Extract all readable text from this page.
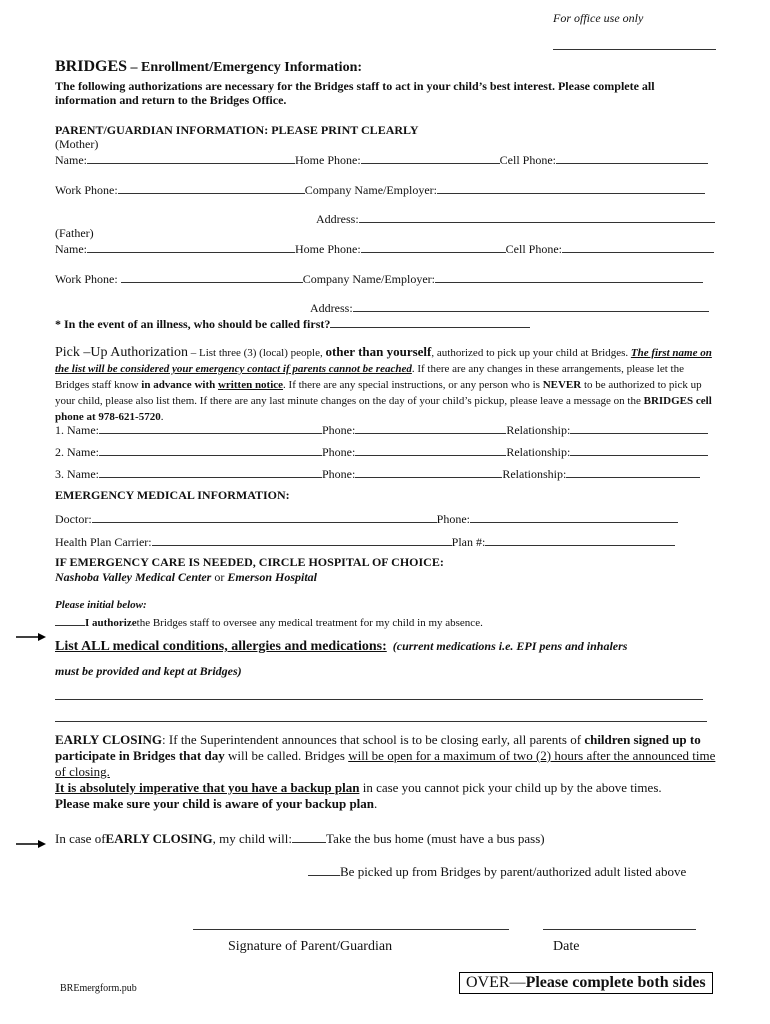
For office use only
BRIDGES – Enrollment/Emergency Information:
The following authorizations are necessary for the Bridges staff to act in your child’s best interest. Please complete all information and return to the Bridges Office.
PARENT/GUARDIAN INFORMATION: PLEASE PRINT CLEARLY
(Mother)
Name:	Home Phone:	Cell Phone:
Work Phone:	Company Name/Employer:
Address:
(Father)
Name:	Home Phone:	Cell Phone:
Work Phone:	Company Name/Employer:
Address:
* In the event of an illness, who should be called first?
Pick –Up Authorization – List three (3) (local) people, other than yourself, authorized to pick up your child at Bridges. The first name on the list will be considered your emergency contact if parents cannot be reached. If there are any changes in these arrangements, please let the Bridges staff know in advance with written notice. If there are any special instructions, or any person who is NEVER to be authorized to pick up your child, please also list them. If there are any last minute changes on the day of your child’s pickup, please leave a message on the BRIDGES cell phone at 978-621-5720.
1. Name:	Phone:	Relationship:
2. Name:	Phone:	Relationship:
3. Name:	Phone:	Relationship:
EMERGENCY MEDICAL INFORMATION:
Doctor:	Phone:
Health Plan Carrier:	Plan #:
IF EMERGENCY CARE IS NEEDED, CIRCLE HOSPITAL OF CHOICE:
Nashoba Valley Medical Center or Emerson Hospital
Please initial below:
I authorizethe Bridges staff to oversee any medical treatment for my child in my absence.
List ALL medical conditions, allergies and medications: (current medications i.e. EPI pens and inhalers
must be provided and kept at Bridges)
EARLY CLOSING: If the Superintendent announces that school is to be closing early, all parents of children signed up to participate in Bridges that day will be called. Bridges will be open for a maximum of two (2) hours after the announced time of closing.
It is absolutely imperative that you have a backup plan in case you cannot pick your child up by the above times.
Please make sure your child is aware of your backup plan.
In case ofEARLY CLOSING, my child will:	Take the bus home (must have a bus pass)
Be picked up from Bridges by parent/authorized adult listed above
Signature of Parent/Guardian	Date
BREmergform.pub	OVER—Please complete both sides
